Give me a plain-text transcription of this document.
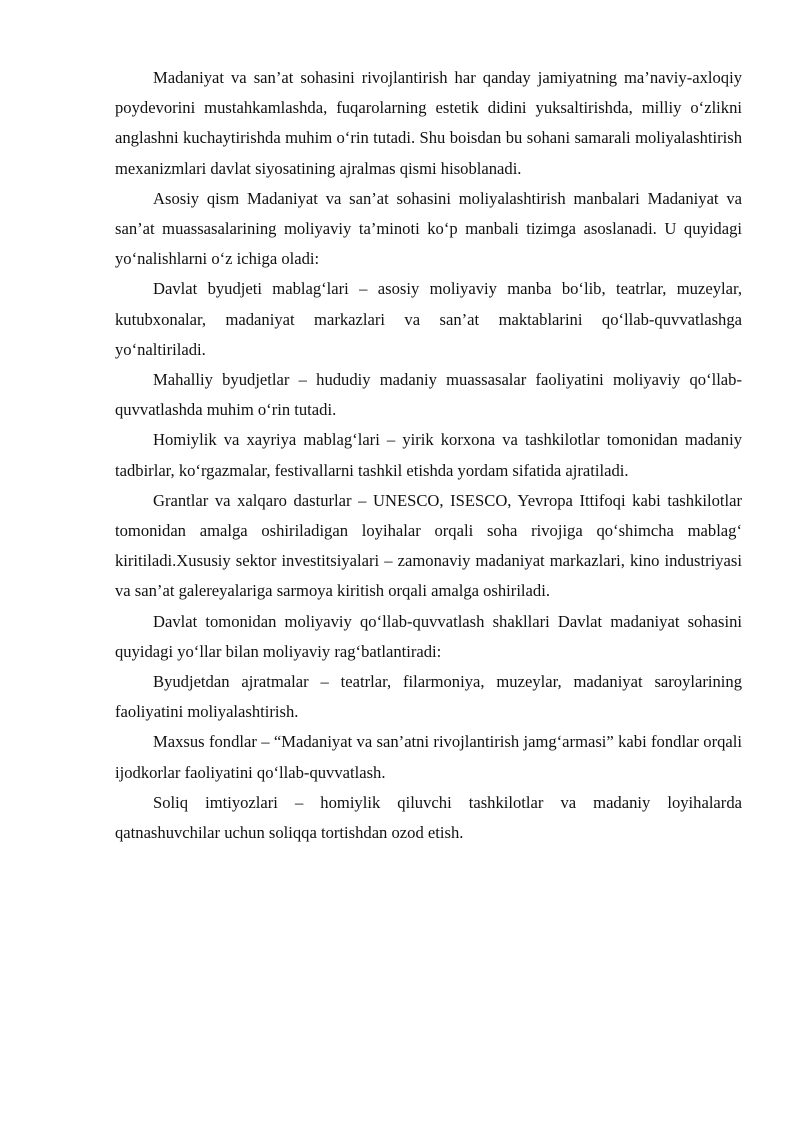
Madaniyat va san’at sohasini rivojlantirish har qanday jamiyatning ma’naviy-axloqiy poydevorini mustahkamlashda, fuqarolarning estetik didini yuksaltirishda, milliy o‘zlikni anglashni kuchaytirishda muhim o‘rin tutadi. Shu boisdan bu sohani samarali moliyalashtirish mexanizmlari davlat siyosatining ajralmas qismi hisoblanadi.

Asosiy qism Madaniyat va san’at sohasini moliyalashtirish manbalari Madaniyat va san’at muassasalarining moliyaviy ta’minoti ko‘p manbali tizimga asoslanadi. U quyidagi yo‘nalishlarni o‘z ichiga oladi:

Davlat byudjeti mablag‘lari – asosiy moliyaviy manba bo‘lib, teatrlar, muzeylar, kutubxonalar, madaniyat markazlari va san’at maktablarini qo‘llab-quvvatlashga yo‘naltiriladi.

Mahalliy byudjetlar – hududiy madaniy muassasalar faoliyatini moliyaviy qo‘llab-quvvatlashda muhim o‘rin tutadi.

Homiylik va xayriya mablag‘lari – yirik korxona va tashkilotlar tomonidan madaniy tadbirlar, ko‘rgazmalar, festivallarni tashkil etishda yordam sifatida ajratiladi.

Grantlar va xalqaro dasturlar – UNESCO, ISESCO, Yevropa Ittifoqi kabi tashkilotlar tomonidan amalga oshiriladigan loyihalar orqali soha rivojiga qo‘shimcha mablag‘ kiritiladi.Xususiy sektor investitsiyalari – zamonaviy madaniyat markazlari, kino industriyasi va san’at galereyalariga sarmoya kiritish orqali amalga oshiriladi.

Davlat tomonidan moliyaviy qo‘llab-quvvatlash shakllari Davlat madaniyat sohasini quyidagi yo‘llar bilan moliyaviy rag‘batlantiradi:

Byudjetdan ajratmalar – teatrlar, filarmoniya, muzeylar, madaniyat saroylarining faoliyatini moliyalashtirish.

Maxsus fondlar – “Madaniyat va san’atni rivojlantirish jamg‘armasi” kabi fondlar orqali ijodkorlar faoliyatini qo‘llab-quvvatlash.

Soliq imtiyozlari – homiylik qiluvchi tashkilotlar va madaniy loyihalarda qatnashuvchilar uchun soliqqa tortishdan ozod etish.
